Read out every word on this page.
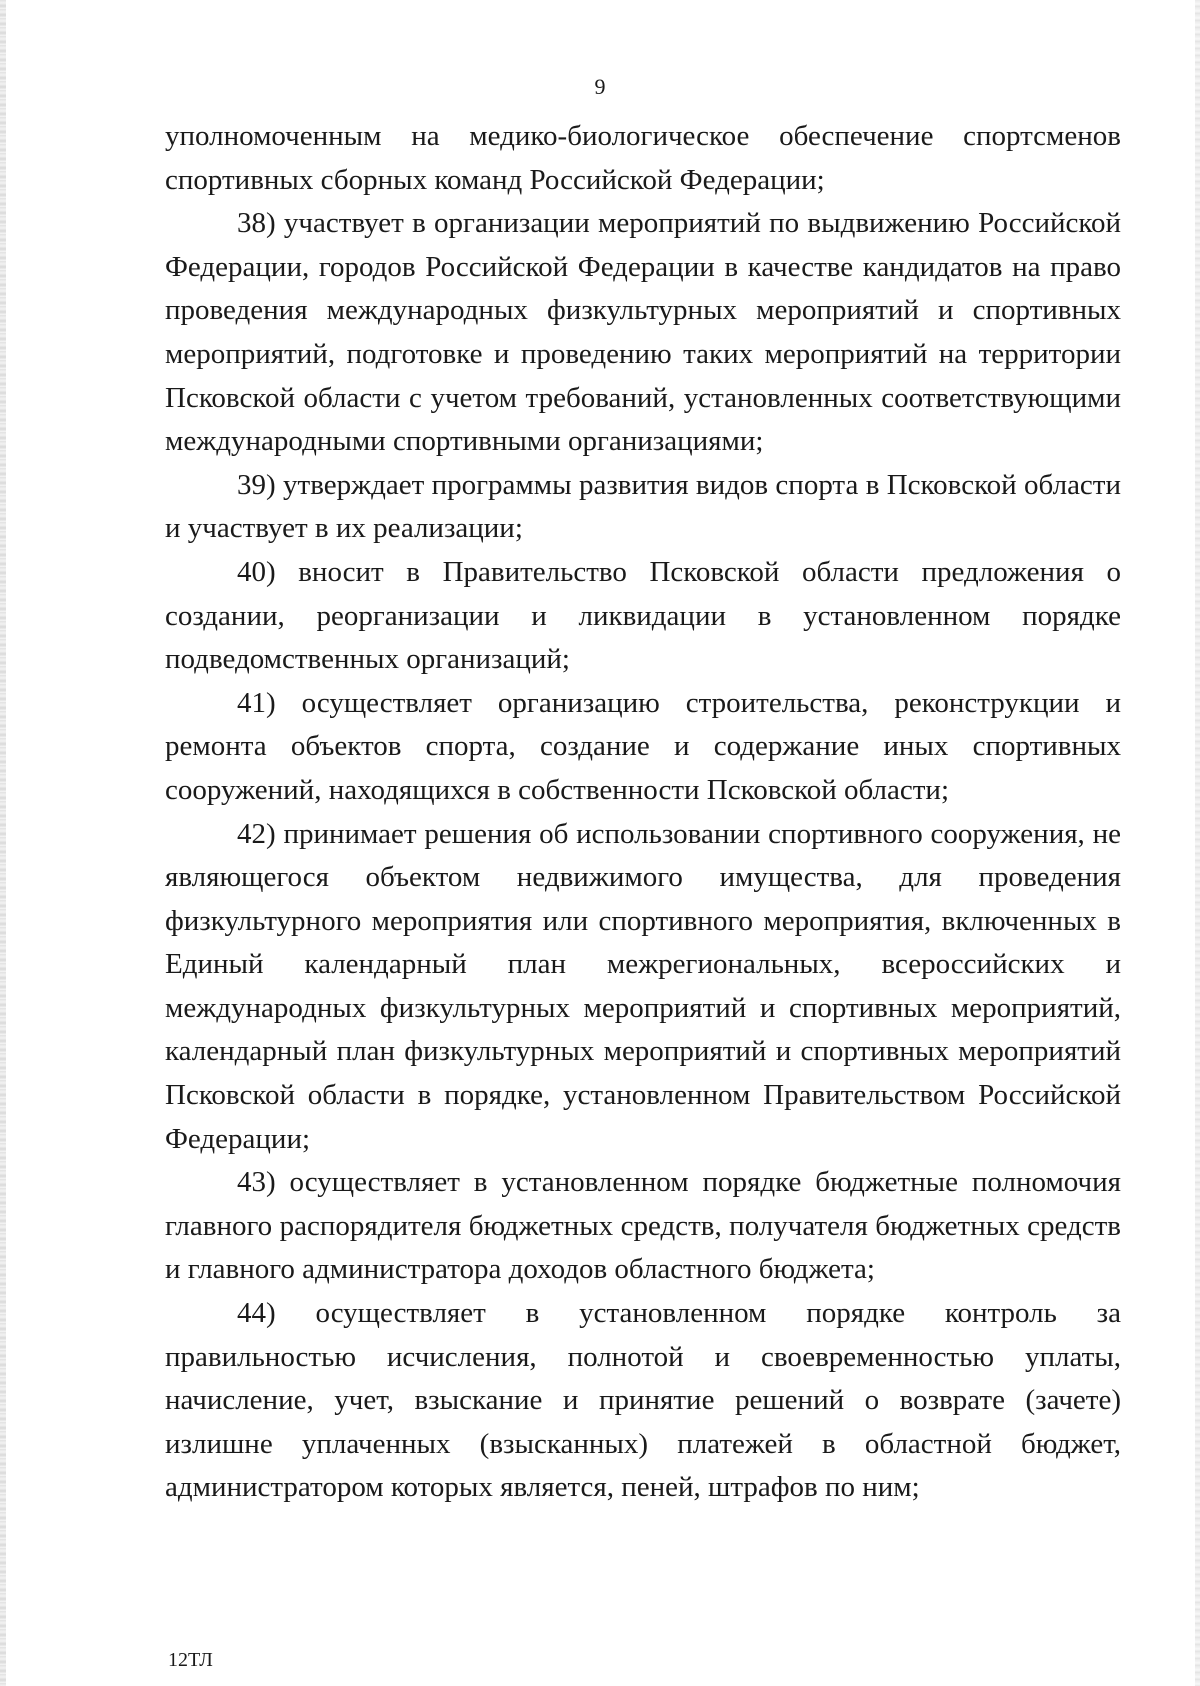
9

уполномоченным на медико-биологическое обеспечение спортсменов спортивных сборных команд Российской Федерации;

38) участвует в организации мероприятий по выдвижению Российской Федерации, городов Российской Федерации в качестве кандидатов на право проведения международных физкультурных мероприятий и спортивных мероприятий, подготовке и проведению таких мероприятий на территории Псковской области с учетом требований, установленных соответствующими международными спортивными организациями;

39) утверждает программы развития видов спорта в Псковской области и участвует в их реализации;

40) вносит в Правительство Псковской области предложения о создании, реорганизации и ликвидации в установленном порядке подведомственных организаций;

41) осуществляет организацию строительства, реконструкции и ремонта объектов спорта, создание и содержание иных спортивных сооружений, находящихся в собственности Псковской области;

42) принимает решения об использовании спортивного сооружения, не являющегося объектом недвижимого имущества, для проведения физкультурного мероприятия или спортивного мероприятия, включенных в Единый календарный план межрегиональных, всероссийских и международных физкультурных мероприятий и спортивных мероприятий, календарный план физкультурных мероприятий и спортивных мероприятий Псковской области в порядке, установленном Правительством Российской Федерации;

43) осуществляет в установленном порядке бюджетные полномочия главного распорядителя бюджетных средств, получателя бюджетных средств и главного администратора доходов областного бюджета;

44) осуществляет в установленном порядке контроль за правильностью исчисления, полнотой и своевременностью уплаты, начисление, учет, взыскание и принятие решений о возврате (зачете) излишне уплаченных (взысканных) платежей в областной бюджет, администратором которых является, пеней, штрафов по ним;

12ТЛ
